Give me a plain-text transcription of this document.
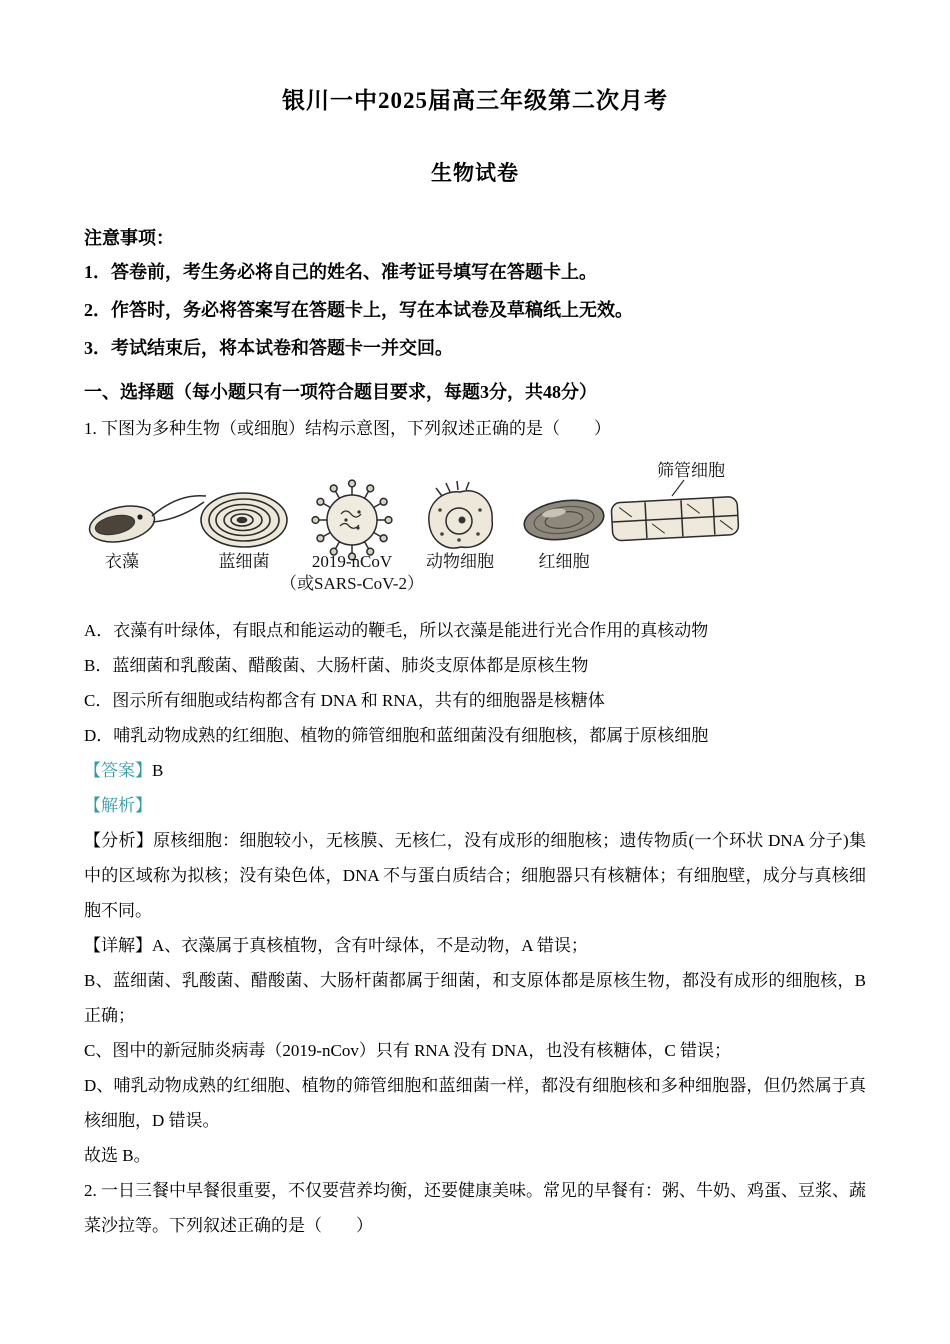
银川一中2025届高三年级第二次月考
生物试卷

注意事项：

1．答卷前，考生务必将自己的姓名、准考证号填写在答题卡上。

2．作答时，务必将答案写在答题卡上，写在本试卷及草稿纸上无效。

3．考试结束后，将本试卷和答题卡一并交回。

一、选择题（每小题只有一项符合题目要求，每题3分，共48分）

1. 下图为多种生物（或细胞）结构示意图，下列叙述正确的是（　　）

衣藻	蓝细菌 2019-nCoV 动物细胞	红细胞
（或SARS-CoV-2）
筛管细胞

A．衣藻有叶绿体，有眼点和能运动的鞭毛，所以衣藻是能进行光合作用的真核动物

B．蓝细菌和乳酸菌、醋酸菌、大肠杆菌、肺炎支原体都是原核生物

C．图示所有细胞或结构都含有 DNA 和 RNA，共有的细胞器是核糖体

D．哺乳动物成熟的红细胞、植物的筛管细胞和蓝细菌没有细胞核，都属于原核细胞

【答案】B

【解析】

【分析】原核细胞：细胞较小，无核膜、无核仁，没有成形的细胞核；遗传物质(一个环状 DNA 分子)集中的区域称为拟核；没有染色体，DNA 不与蛋白质结合；细胞器只有核糖体；有细胞壁，成分与真核细胞不同。

【详解】A、衣藻属于真核植物，含有叶绿体，不是动物，A 错误；

B、蓝细菌、乳酸菌、醋酸菌、大肠杆菌都属于细菌，和支原体都是原核生物，都没有成形的细胞核，B 正确；

C、图中的新冠肺炎病毒（2019-nCov）只有 RNA 没有 DNA，也没有核糖体，C 错误；

D、哺乳动物成熟的红细胞、植物的筛管细胞和蓝细菌一样，都没有细胞核和多种细胞器，但仍然属于真核细胞，D 错误。

故选 B。

2. 一日三餐中早餐很重要，不仅要营养均衡，还要健康美味。常见的早餐有：粥、牛奶、鸡蛋、豆浆、蔬菜沙拉等。下列叙述正确的是（　　）
